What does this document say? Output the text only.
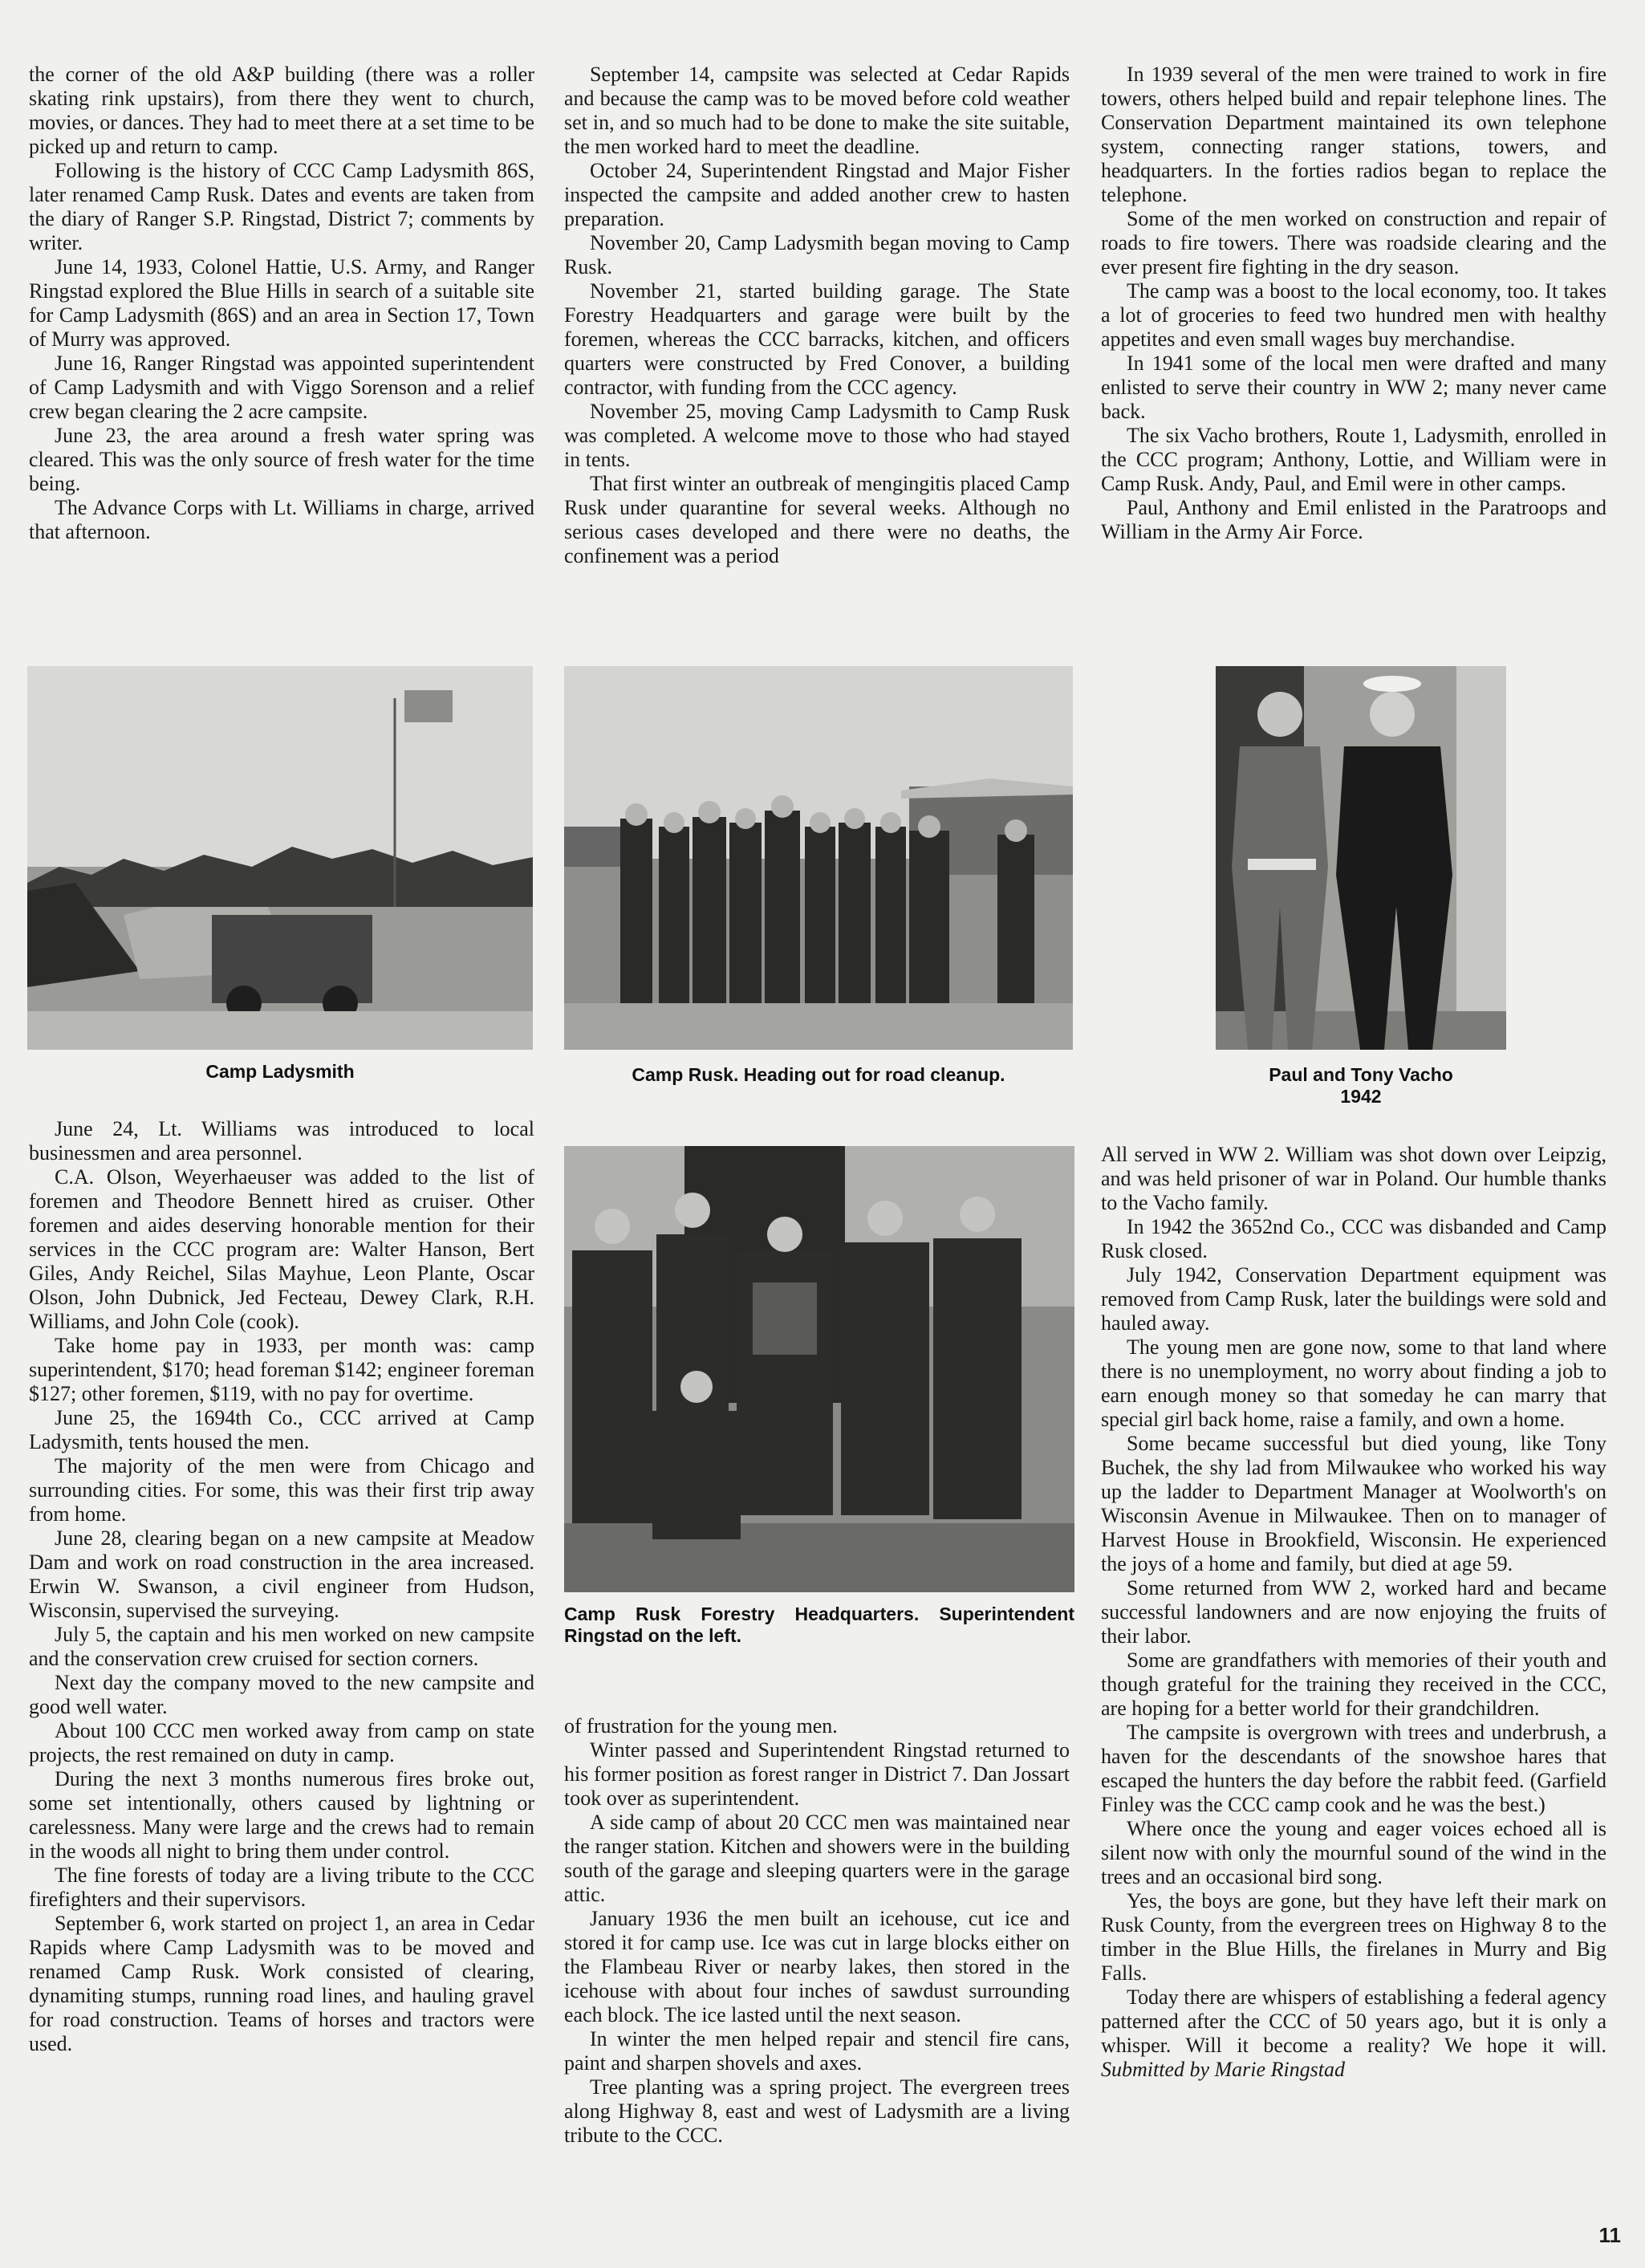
the corner of the old A&P building (there was a roller skating rink upstairs), from there they went to church, movies, or dances. They had to meet there at a set time to be picked up and return to camp.

Following is the history of CCC Camp Ladysmith 86S, later renamed Camp Rusk. Dates and events are taken from the diary of Ranger S.P. Ringstad, District 7; comments by writer.

June 14, 1933, Colonel Hattie, U.S. Army, and Ranger Ringstad explored the Blue Hills in search of a suitable site for Camp Ladysmith (86S) and an area in Section 17, Town of Murry was approved.

June 16, Ranger Ringstad was appointed superintendent of Camp Ladysmith and with Viggo Sorenson and a relief crew began clearing the 2 acre campsite.

June 23, the area around a fresh water spring was cleared. This was the only source of fresh water for the time being.

The Advance Corps with Lt. Williams in charge, arrived that afternoon.

September 14, campsite was selected at Cedar Rapids and because the camp was to be moved before cold weather set in, and so much had to be done to make the site suitable, the men worked hard to meet the deadline.

October 24, Superintendent Ringstad and Major Fisher inspected the campsite and added another crew to hasten preparation.

November 20, Camp Ladysmith began moving to Camp Rusk.

November 21, started building garage. The State Forestry Headquarters and garage were built by the foremen, whereas the CCC barracks, kitchen, and officers quarters were constructed by Fred Conover, a building contractor, with funding from the CCC agency.

November 25, moving Camp Ladysmith to Camp Rusk was completed. A welcome move to those who had stayed in tents.

That first winter an outbreak of mengingitis placed Camp Rusk under quarantine for several weeks. Although no serious cases developed and there were no deaths, the confinement was a period

In 1939 several of the men were trained to work in fire towers, others helped build and repair telephone lines. The Conservation Department maintained its own telephone system, connecting ranger stations, towers, and headquarters. In the forties radios began to replace the telephone.

Some of the men worked on construction and repair of roads to fire towers. There was roadside clearing and the ever present fire fighting in the dry season.

The camp was a boost to the local economy, too. It takes a lot of groceries to feed two hundred men with healthy appetites and even small wages buy merchandise.

In 1941 some of the local men were drafted and many enlisted to serve their country in WW 2; many never came back.

The six Vacho brothers, Route 1, Ladysmith, enrolled in the CCC program; Anthony, Lottie, and William were in Camp Rusk. Andy, Paul, and Emil were in other camps.

Paul, Anthony and Emil enlisted in the Paratroops and William in the Army Air Force.

Camp Ladysmith	Camp Rusk. Heading out for road cleanup.	Paul and Tony Vacho
1942
Camp Rusk Forestry Headquarters. Superintendent Ringstad on the left.

June 24, Lt. Williams was introduced to local businessmen and area personnel.

C.A. Olson, Weyerhaeuser was added to the list of foremen and Theodore Bennett hired as cruiser. Other foremen and aides deserving honorable mention for their services in the CCC program are: Walter Hanson, Bert Giles, Andy Reichel, Silas Mayhue, Leon Plante, Oscar Olson, John Dubnick, Jed Fecteau, Dewey Clark, R.H. Williams, and John Cole (cook).

Take home pay in 1933, per month was: camp superintendent, $170; head foreman $142; engineer foreman $127; other foremen, $119, with no pay for overtime.

June 25, the 1694th Co., CCC arrived at Camp Ladysmith, tents housed the men.

The majority of the men were from Chicago and surrounding cities. For some, this was their first trip away from home.

June 28, clearing began on a new campsite at Meadow Dam and work on road construction in the area increased. Erwin W. Swanson, a civil engineer from Hudson, Wisconsin, supervised the surveying.

July 5, the captain and his men worked on new campsite and the conservation crew cruised for section corners.

Next day the company moved to the new campsite and good well water.

About 100 CCC men worked away from camp on state projects, the rest remained on duty in camp.

During the next 3 months numerous fires broke out, some set intentionally, others caused by lightning or carelessness. Many were large and the crews had to remain in the woods all night to bring them under control.

The fine forests of today are a living tribute to the CCC firefighters and their supervisors.

September 6, work started on project 1, an area in Cedar Rapids where Camp Ladysmith was to be moved and renamed Camp Rusk. Work consisted of clearing, dynamiting stumps, running road lines, and hauling gravel for road construction. Teams of horses and tractors were used.

of frustration for the young men.

Winter passed and Superintendent Ringstad returned to his former position as forest ranger in District 7. Dan Jossart took over as superintendent.

A side camp of about 20 CCC men was maintained near the ranger station. Kitchen and showers were in the building south of the garage and sleeping quarters were in the garage attic.

January 1936 the men built an icehouse, cut ice and stored it for camp use. Ice was cut in large blocks either on the Flambeau River or nearby lakes, then stored in the icehouse with about four inches of sawdust surrounding each block. The ice lasted until the next season.

In winter the men helped repair and stencil fire cans, paint and sharpen shovels and axes.

Tree planting was a spring project. The evergreen trees along Highway 8, east and west of Ladysmith are a living tribute to the CCC.

All served in WW 2. William was shot down over Leipzig, and was held prisoner of war in Poland. Our humble thanks to the Vacho family.

In 1942 the 3652nd Co., CCC was disbanded and Camp Rusk closed.

July 1942, Conservation Department equipment was removed from Camp Rusk, later the buildings were sold and hauled away.

The young men are gone now, some to that land where there is no unemployment, no worry about finding a job to earn enough money so that someday he can marry that special girl back home, raise a family, and own a home.

Some became successful but died young, like Tony Buchek, the shy lad from Milwaukee who worked his way up the ladder to Department Manager at Woolworth's on Wisconsin Avenue in Milwaukee. Then on to manager of Harvest House in Brookfield, Wisconsin. He experienced the joys of a home and family, but died at age 59.

Some returned from WW 2, worked hard and became successful landowners and are now enjoying the fruits of their labor.

Some are grandfathers with memories of their youth and though grateful for the training they received in the CCC, are hoping for a better world for their grandchildren.

The campsite is overgrown with trees and underbrush, a haven for the descendants of the snowshoe hares that escaped the hunters the day before the rabbit feed. (Garfield Finley was the CCC camp cook and he was the best.)

Where once the young and eager voices echoed all is silent now with only the mournful sound of the wind in the trees and an occasional bird song.

Yes, the boys are gone, but they have left their mark on Rusk County, from the evergreen trees on Highway 8 to the timber in the Blue Hills, the firelanes in Murry and Big Falls.

Today there are whispers of establishing a federal agency patterned after the CCC of 50 years ago, but it is only a whisper. Will it become a reality? We hope it will. Submitted by Marie Ringstad

11
